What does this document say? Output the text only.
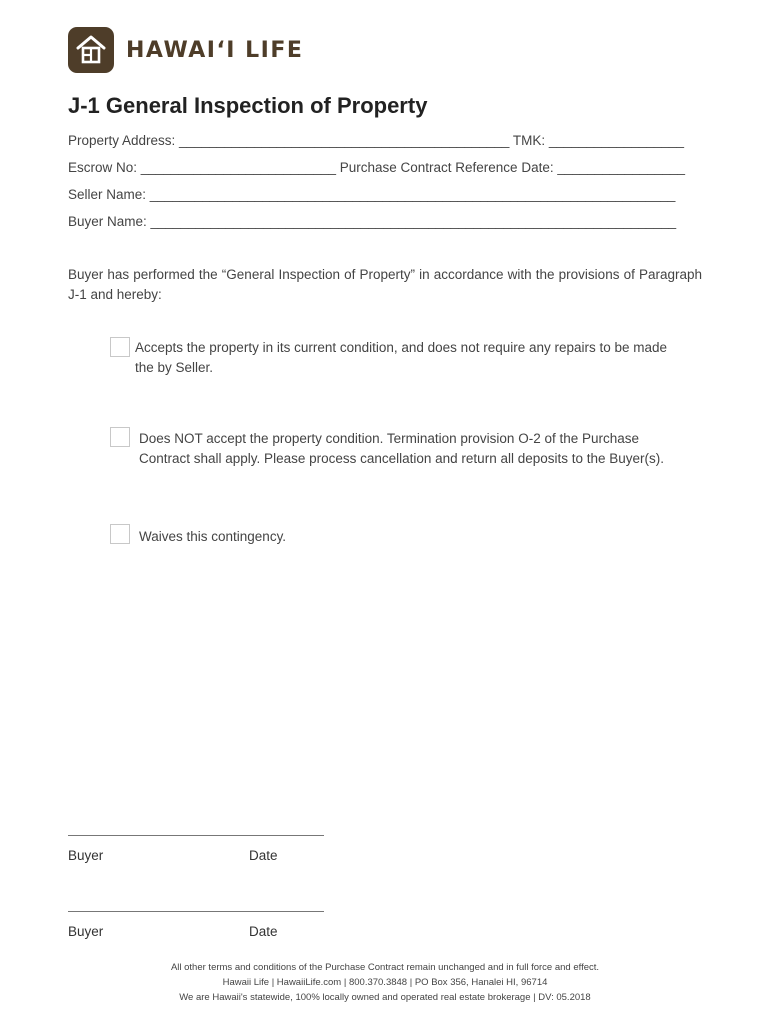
HAWAI‘I LIFE
J-1 General Inspection of Property
Property Address: ____________________________________________ TMK: __________________
Escrow No: __________________________ Purchase Contract Reference Date: _________________
Seller Name: ______________________________________________________________________
Buyer Name: ______________________________________________________________________
Buyer has performed the “General Inspection of Property” in accordance with the provisions of Paragraph J-1 and hereby:
Accepts the property in its current condition, and does not require any repairs to be made
the by Seller.
Does NOT accept the property condition. Termination provision O-2 of the Purchase
Contract shall apply. Please process cancellation and return all deposits to the Buyer(s).
Waives this contingency.
Buyer	Date
Buyer	Date
All other terms and conditions of the Purchase Contract remain unchanged and in full force and effect.
Hawaii Life | HawaiiLife.com | 800.370.3848 | PO Box 356, Hanalei HI, 96714
We are Hawaii's statewide, 100% locally owned and operated real estate brokerage | DV: 05.2018
